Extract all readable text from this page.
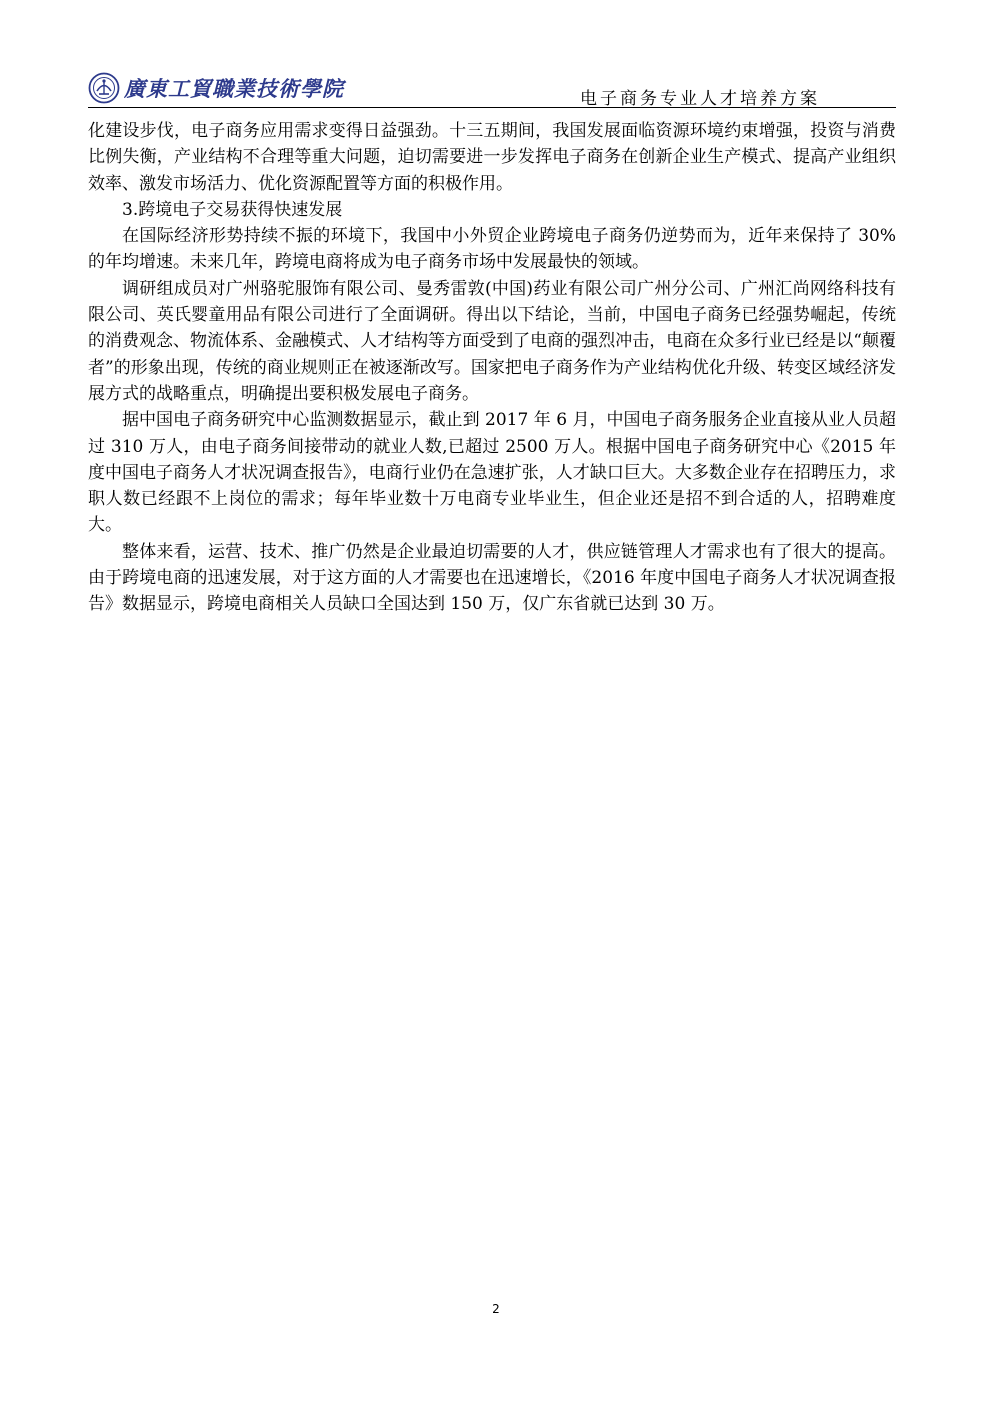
廣東工貿職業技術學院	电子商务专业人才培养方案

化建设步伐，电子商务应用需求变得日益强劲。十三五期间，我国发展面临资源环境约束增强，投资与消费比例失衡，产业结构不合理等重大问题，迫切需要进一步发挥电子商务在创新企业生产模式、提高产业组织效率、激发市场活力、优化资源配置等方面的积极作用。

3.跨境电子交易获得快速发展

在国际经济形势持续不振的环境下，我国中小外贸企业跨境电子商务仍逆势而为，近年来保持了 30%的年均增速。未来几年，跨境电商将成为电子商务市场中发展最快的领域。

调研组成员对广州骆驼服饰有限公司、曼秀雷敦(中国)药业有限公司广州分公司、广州汇尚网络科技有限公司、英氏婴童用品有限公司进行了全面调研。得出以下结论，当前，中国电子商务已经强势崛起，传统的消费观念、物流体系、金融模式、人才结构等方面受到了电商的强烈冲击，电商在众多行业已经是以“颠覆者”的形象出现，传统的商业规则正在被逐渐改写。国家把电子商务作为产业结构优化升级、转变区域经济发展方式的战略重点，明确提出要积极发展电子商务。

据中国电子商务研究中心监测数据显示，截止到 2017 年 6 月，中国电子商务服务企业直接从业人员超过 310 万人，由电子商务间接带动的就业人数,已超过 2500 万人。根据中国电子商务研究中心《2015 年度中国电子商务人才状况调查报告》，电商行业仍在急速扩张，人才缺口巨大。大多数企业存在招聘压力，求职人数已经跟不上岗位的需求；每年毕业数十万电商专业毕业生，但企业还是招不到合适的人，招聘难度大。

整体来看，运营、技术、推广仍然是企业最迫切需要的人才，供应链管理人才需求也有了很大的提高。由于跨境电商的迅速发展，对于这方面的人才需要也在迅速增长，《2016 年度中国电子商务人才状况调查报告》数据显示，跨境电商相关人员缺口全国达到 150 万，仅广东省就已达到 30 万。

2
